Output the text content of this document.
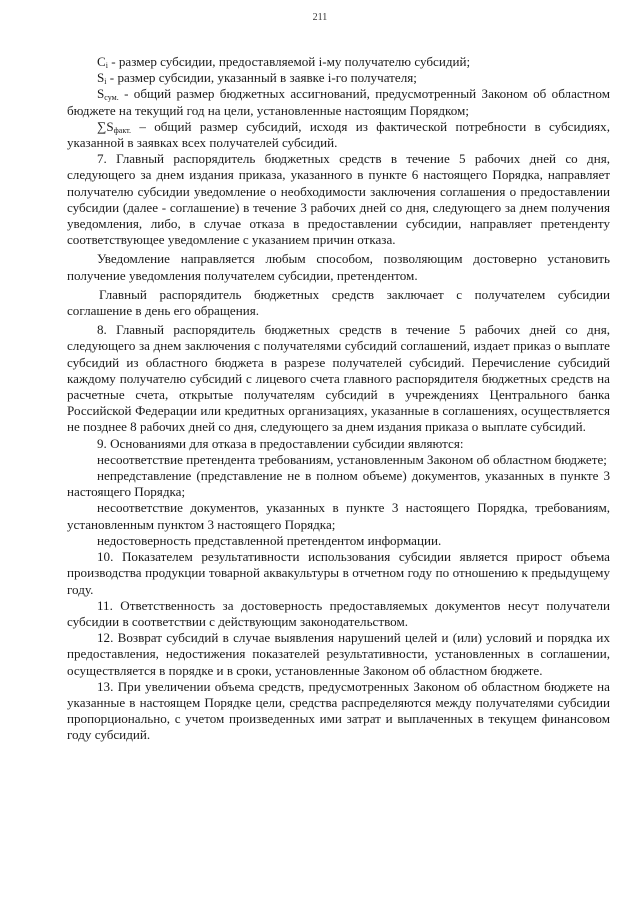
211

$C_i$ - размер субсидии, предоставляемой i-му получателю субсидий;

$S_i$ - размер субсидии, указанный в заявке i-го получателя;

$S_{сум.}$ - общий размер бюджетных ассигнований, предусмотренный Законом об областном бюджете на текущий год на цели, установленные настоящим Порядком;

$\sum S_{факт.}$ – общий размер субсидий, исходя из фактической потребности в субсидиях, указанной в заявках всех получателей субсидий.

7. Главный распорядитель бюджетных средств в течение 5 рабочих дней со дня, следующего за днем издания приказа, указанного в пункте 6 настоящего Порядка, направляет получателю субсидии уведомление о необходимости заключения соглашения о предоставлении субсидии (далее - соглашение) в течение 3 рабочих дней со дня, следующего за днем получения уведомления, либо, в случае отказа в предоставлении субсидии, направляет претенденту соответствующее уведомление с указанием причин отказа.

Уведомление направляется любым способом, позволяющим достоверно установить получение уведомления получателем субсидии, претендентом.

Главный распорядитель бюджетных средств заключает с получателем субсидии соглашение в день его обращения.

8. Главный распорядитель бюджетных средств в течение 5 рабочих дней со дня, следующего за днем заключения с получателями субсидий соглашений, издает приказ о выплате субсидий из областного бюджета в разрезе получателей субсидий. Перечисление субсидий каждому получателю субсидий с лицевого счета главного распорядителя бюджетных средств на расчетные счета, открытые получателям субсидий в учреждениях Центрального банка Российской Федерации или кредитных организациях, указанные в соглашениях, осуществляется не позднее 8 рабочих дней со дня, следующего за днем издания приказа о выплате субсидий.

9. Основаниями для отказа в предоставлении субсидии являются:

несоответствие претендента требованиям, установленным Законом об областном бюджете;

непредставление (представление не в полном объеме) документов, указанных в пункте 3 настоящего Порядка;

несоответствие документов, указанных в пункте 3 настоящего Порядка, требованиям, установленным пунктом 3 настоящего Порядка;

недостоверность представленной претендентом информации.

10. Показателем результативности использования субсидии является прирост объема производства продукции товарной аквакультуры в отчетном году по отношению к предыдущему году.

11. Ответственность за достоверность предоставляемых документов несут получатели субсидии в соответствии с действующим законодательством.

12. Возврат субсидий в случае выявления нарушений целей и (или) условий и порядка их предоставления, недостижения показателей результативности, установленных в соглашении, осуществляется в порядке и в сроки, установленные Законом об областном бюджете.

13. При увеличении объема средств, предусмотренных Законом об областном бюджете на указанные в настоящем Порядке цели, средства распределяются между получателями субсидии пропорционально, с учетом произведенных ими затрат и выплаченных в текущем финансовом году субсидий.
